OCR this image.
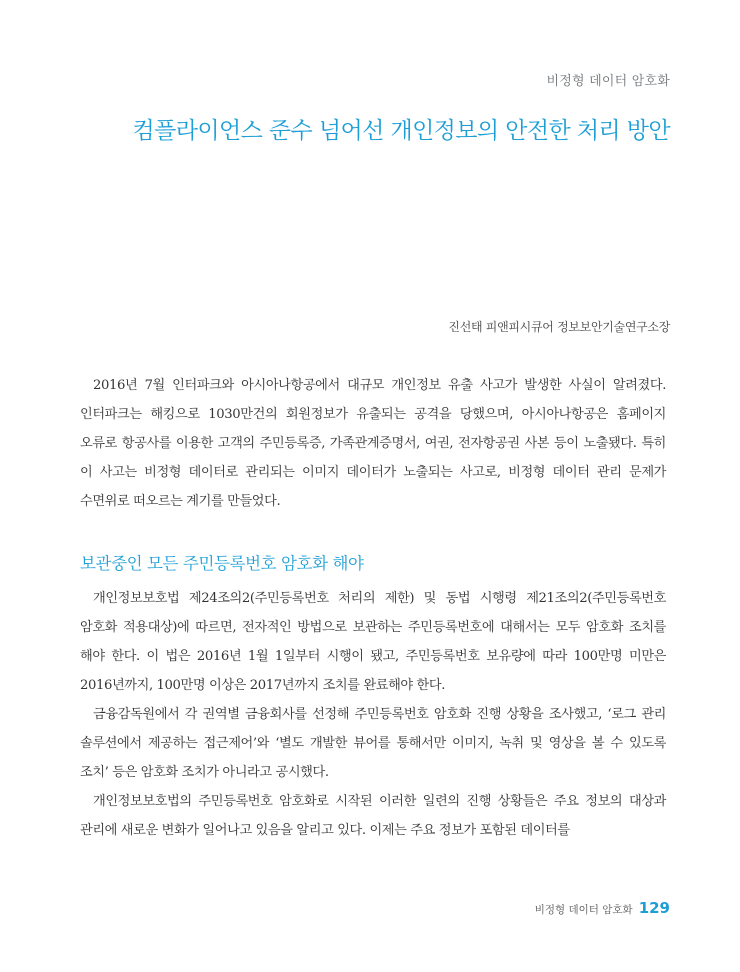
비정형 데이터 암호화
컴플라이언스 준수 넘어선 개인정보의 안전한 처리 방안
진선태 피앤피시큐어 정보보안기술연구소장

2016년 7월 인터파크와 아시아나항공에서 대규모 개인정보 유출 사고가 발생한 사실이 알려졌다. 인터파크는 해킹으로 1030만건의 회원정보가 유출되는 공격을 당했으며, 아시아나항공은 홈페이지 오류로 항공사를 이용한 고객의 주민등록증, 가족관계증명서, 여권, 전자항공권 사본 등이 노출됐다. 특히 이 사고는 비정형 데이터로 관리되는 이미지 데이터가 노출되는 사고로, 비정형 데이터 관리 문제가 수면위로 떠오르는 계기를 만들었다.

보관중인 모든 주민등록번호 암호화 해야

개인정보보호법 제24조의2(주민등록번호 처리의 제한) 및 동법 시행령 제21조의2(주민등록번호 암호화 적용대상)에 따르면, 전자적인 방법으로 보관하는 주민등록번호에 대해서는 모두 암호화 조치를 해야 한다. 이 법은 2016년 1월 1일부터 시행이 됐고, 주민등록번호 보유량에 따라 100만명 미만은 2016년까지, 100만명 이상은 2017년까지 조치를 완료해야 한다.

금융감독원에서 각 권역별 금융회사를 선정해 주민등록번호 암호화 진행 상황을 조사했고, ‘로그 관리 솔루션에서 제공하는 접근제어’와 ‘별도 개발한 뷰어를 통해서만 이미지, 녹취 및 영상을 볼 수 있도록 조치’ 등은 암호화 조치가 아니라고 공시했다.

개인정보보호법의 주민등록번호 암호화로 시작된 이러한 일련의 진행 상황들은 주요 정보의 대상과 관리에 새로운 변화가 일어나고 있음을 알리고 있다. 이제는 주요 정보가 포함된 데이터를

비정형 데이터 암호화 129
